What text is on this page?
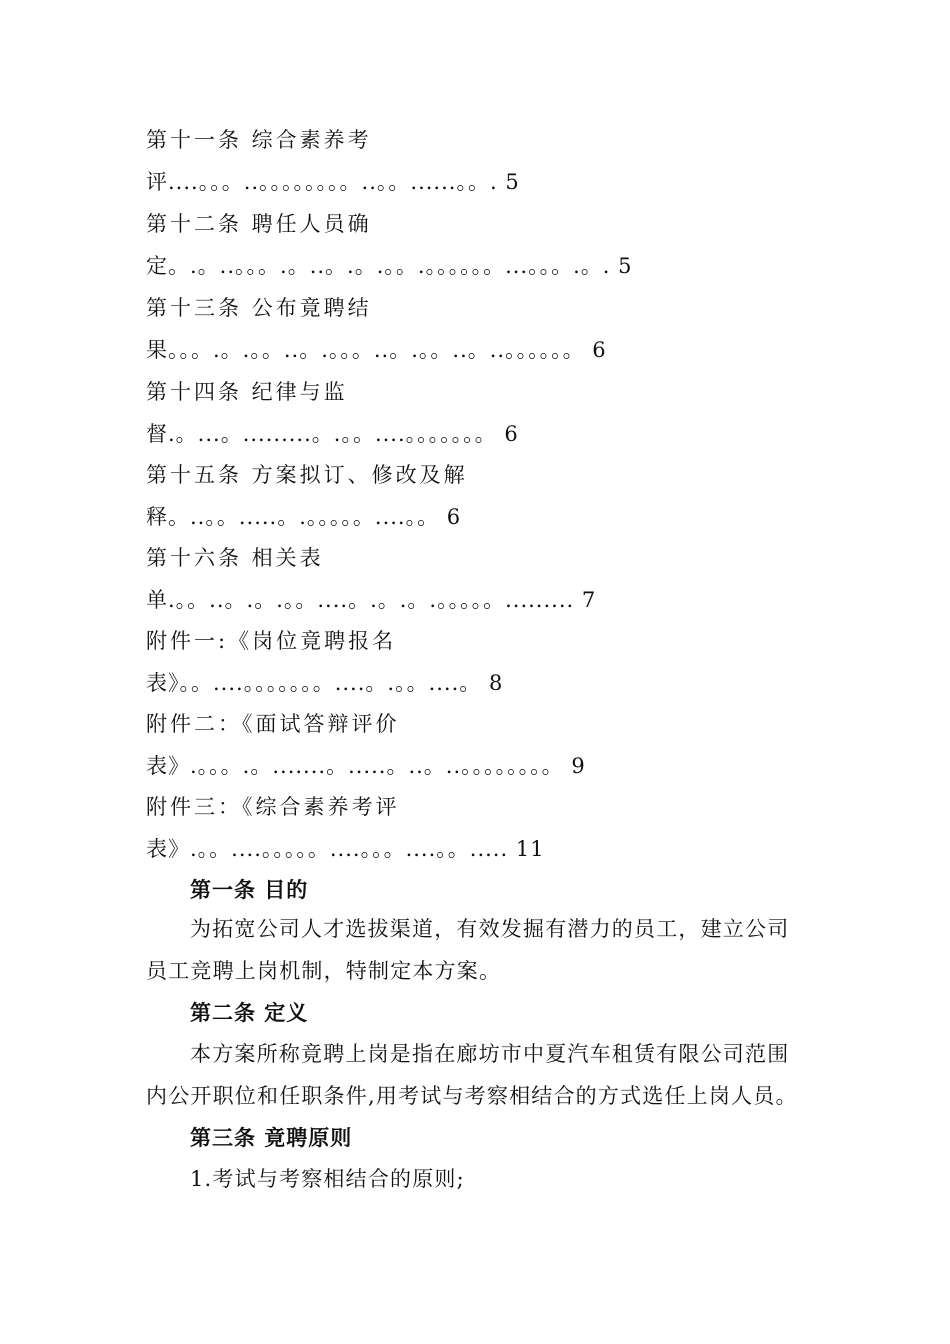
第十一条 综合素养考
评....。。。..。。。。。。。。..。。......。。. 5
第十二条 聘任人员确
定。.。..。。。.。..。.。.。。.。。。。。。...。。。.。. 5
第十三条 公布竟聘结
果。。。.。.。。..。.。。。..。.。。..。..。。。。。。 6
第十四条 纪律与监
督.。...。.........。.。。....。。。。。。。 6
第十五条 方案拟订、修改及解
释。..。。.....。.。。。。。....。。 6
第十六条 相关表
单.。。..。.。.。。....。.。.。.。。。。。......... 7
附件一:《岗位竟聘报名
表》。。....。。。。。。。....。.。。....。 8
附件二：《面试答辩评价
表》.。。。.。.......。.....。..。..。。。。。。。。 9
附件三：《综合素养考评
表》.。。....。。。。。....。。。....。。..... 11
第一条 目的
为拓宽公司人才选拔渠道，有效发掘有潜力的员工，建立公司
员工竞聘上岗机制，特制定本方案。
第二条 定义
本方案所称竟聘上岗是指在廊坊市中夏汽车租赁有限公司范围
内公开职位和任职条件,用考试与考察相结合的方式选任上岗人员。
第三条 竟聘原则
1.考试与考察相结合的原则;
